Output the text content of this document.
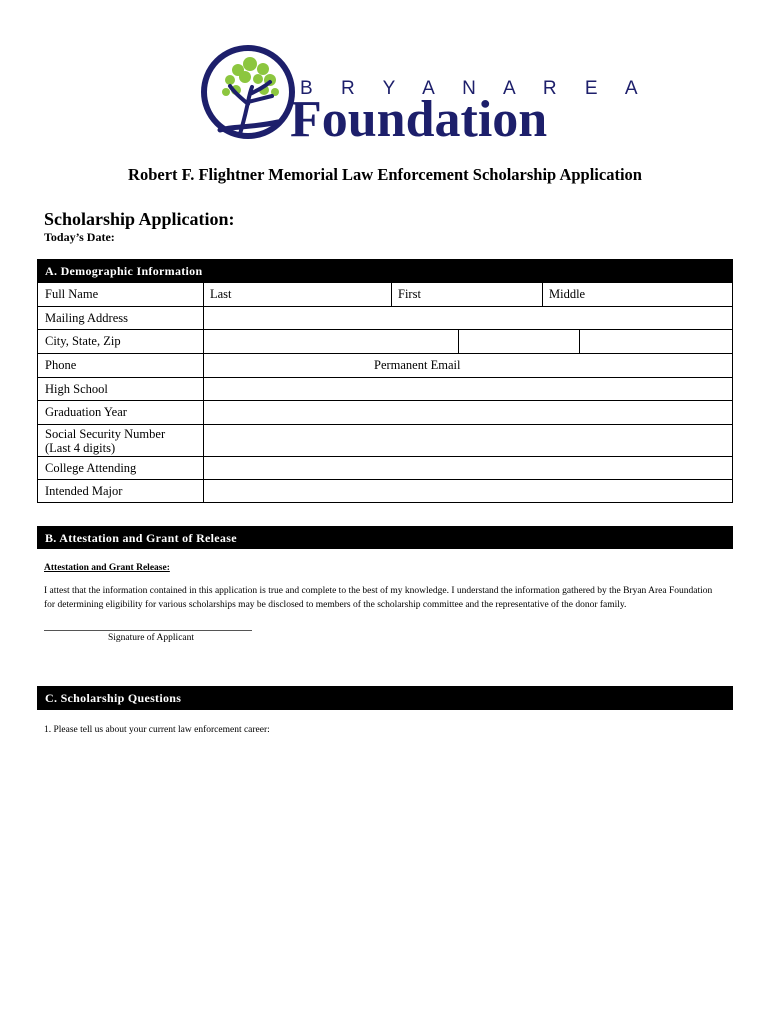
B R Y A N A R E A
Foundation
Robert F. Flightner Memorial Law Enforcement Scholarship Application
Scholarship Application:
Today’s Date:
A. Demographic Information
Full Name	Last First Middle

Mailing Address	
City, State, Zip	

Phone	Permanent Email

High School	
Graduation Year	

Social Security Number
(Last 4 digits)	

College Attending	
Intended Major	
B. Attestation and Grant of Release
Attestation and Grant Release:
I attest that the information contained in this application is true and complete to the best of my knowledge. I understand the information gathered by the Bryan Area Foundation for determining eligibility for various scholarships may be disclosed to members of the scholarship committee and the representative of the donor family.
Signature of Applicant
C. Scholarship Questions
1. Please tell us about your current law enforcement career:
